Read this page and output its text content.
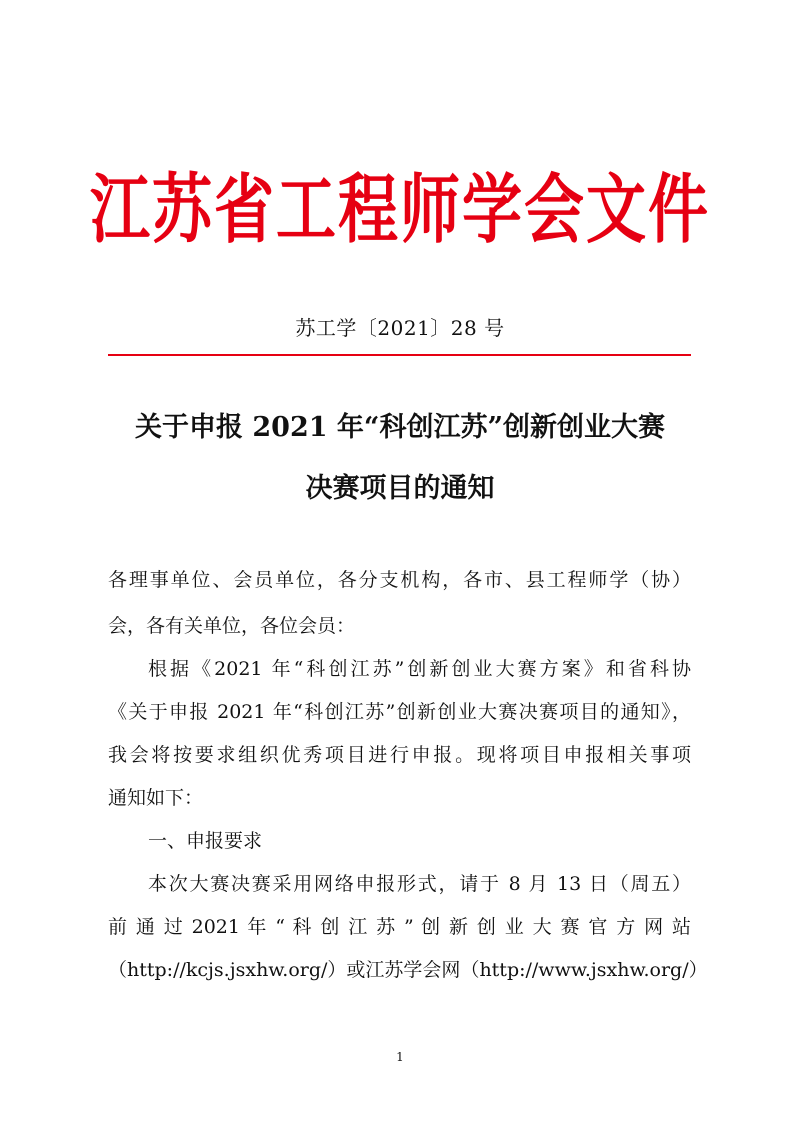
江苏省工程师学会文件
苏工学〔2021〕28 号
关于申报 2021 年“科创江苏”创新创业大赛
决赛项目的通知
各理事单位、会员单位，各分支机构，各市、县工程师学（协）
会，各有关单位，各位会员：
根据《2021 年“科创江苏”创新创业大赛方案》和省科协
《关于申报 2021 年“科创江苏”创新创业大赛决赛项目的通知》，
我会将按要求组织优秀项目进行申报。现将项目申报相关事项
通知如下：
一、申报要求
本次大赛决赛采用网络申报形式，请于 8 月 13 日（周五）
前 通 过 2021 年 “ 科 创 江 苏 ” 创 新 创 业 大 赛 官 方 网 站
（http://kcjs.jsxhw.org/）或江苏学会网（http://www.jsxhw.org/）
1
